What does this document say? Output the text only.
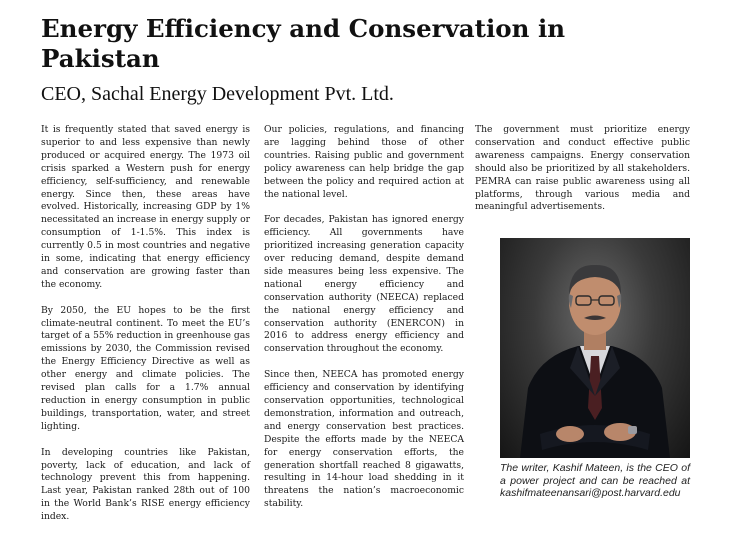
Energy Efficiency and Conservation in Pakistan
CEO, Sachal Energy Development Pvt. Ltd.

It is frequently stated that saved energy is superior to and less expensive than newly produced or acquired energy. The 1973 oil crisis sparked a Western push for energy efficiency, self-sufficiency, and renewable energy. Since then, these areas have evolved. Historically, increasing GDP by 1% necessitated an increase in energy supply or consumption of 1-1.5%. This index is currently 0.5 in most countries and negative in some, indicating that energy efficiency and conservation are growing faster than the economy.

By 2050, the EU hopes to be the first climate-neutral continent. To meet the EU’s target of a 55% reduction in greenhouse gas emissions by 2030, the Commission revised the Energy Efficiency Directive as well as other energy and climate policies. The revised plan calls for a 1.7% annual reduction in energy consumption in public buildings, transportation, water, and street lighting.

In developing countries like Pakistan, poverty, lack of education, and lack of technology prevent this from happening. Last year, Pakistan ranked 28th out of 100 in the World Bank’s RISE energy efficiency index.

Our policies, regulations, and financing are lagging behind those of other countries. Raising public and government policy awareness can help bridge the gap between the policy and required action at the national level.

For decades, Pakistan has ignored energy efficiency. All governments have prioritized increasing generation capacity over reducing demand, despite demand side measures being less expensive. The national energy efficiency and conservation authority (NEECA) replaced the national energy efficiency and conservation authority (ENERCON) in 2016 to address energy efficiency and conservation throughout the economy.

Since then, NEECA has promoted energy efficiency and conservation by identifying conservation opportunities, technological demonstration, information and outreach, and energy conservation best practices. Despite the efforts made by the NEECA for energy conservation efforts, the generation shortfall reached 8 gigawatts, resulting in 14-hour load shedding in it threatens the nation’s macroeconomic stability.

The government must prioritize energy conservation and conduct effective public awareness campaigns. Energy conservation should also be prioritized by all stakeholders. PEMRA can raise public awareness using all platforms, through various media and meaningful advertisements.

The writer, Kashif Mateen, is the CEO of a power project and can be reached at kashifmateenansari@post.harvard.edu
